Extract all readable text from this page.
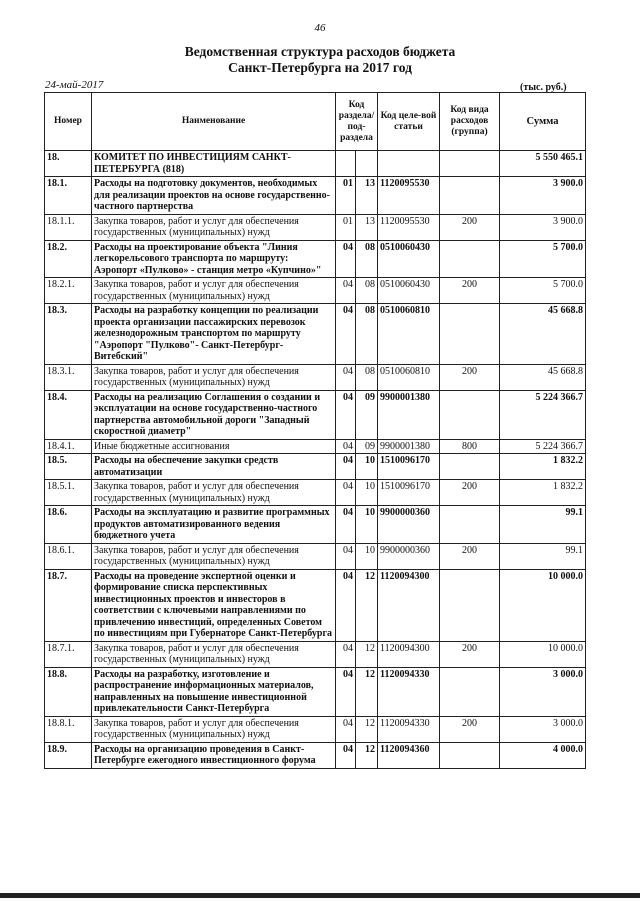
46
Ведомственная структура расходов бюджета
Санкт-Петербурга на 2017 год
24-май-2017	(тыс. руб.)
Номер	Наименование	Код раздела/ под-раздела		Код целе-вой статьи	Код вида расходов (группа)	Сумма
18.	КОМИТЕТ ПО ИНВЕСТИЦИЯМ САНКТ-ПЕТЕРБУРГА (818)					5 550 465.1
18.1.	Расходы на подготовку документов, необходимых для реализации проектов на основе государственно-частного партнерства	01	13	1120095530		3 900.0
18.1.1.	Закупка товаров, работ и услуг для обеспечения государственных (муниципальных) нужд	01	13	1120095530	200	3 900.0
18.2.	Расходы на проектирование объекта "Линия легкорельсового транспорта по маршруту: Аэропорт «Пулково» - станция метро «Купчино»"	04	08	0510060430		5 700.0
18.2.1.	Закупка товаров, работ и услуг для обеспечения государственных (муниципальных) нужд	04	08	0510060430	200	5 700.0
18.3.	Расходы на разработку концепции по реализации проекта организации пассажирских перевозок железнодорожным транспортом по маршруту "Аэропорт "Пулково"- Санкт-Петербург-Витебский"	04	08	0510060810		45 668.8
18.3.1.	Закупка товаров, работ и услуг для обеспечения государственных (муниципальных) нужд	04	08	0510060810	200	45 668.8
18.4.	Расходы на реализацию Соглашения о создании и эксплуатации на основе государственно-частного партнерства автомобильной дороги "Западный скоростной диаметр"	04	09	9900001380		5 224 366.7
18.4.1.	Иные бюджетные ассигнования	04	09	9900001380	800	5 224 366.7
18.5.	Расходы на обеспечение закупки средств автоматизации	04	10	1510096170		1 832.2
18.5.1.	Закупка товаров, работ и услуг для обеспечения государственных (муниципальных) нужд	04	10	1510096170	200	1 832.2
18.6.	Расходы на эксплуатацию и развитие программных продуктов автоматизированного ведения бюджетного учета	04	10	9900000360		99.1
18.6.1.	Закупка товаров, работ и услуг для обеспечения государственных (муниципальных) нужд	04	10	9900000360	200	99.1
18.7.	Расходы на проведение экспертной оценки и формирование списка перспективных инвестиционных проектов и инвесторов в соответствии с ключевыми направлениями по привлечению инвестиций, определенных Советом по инвестициям при Губернаторе Санкт-Петербурга	04	12	1120094300		10 000.0
18.7.1.	Закупка товаров, работ и услуг для обеспечения государственных (муниципальных) нужд	04	12	1120094300	200	10 000.0
18.8.	Расходы на разработку, изготовление и распространение информационных материалов, направленных на повышение инвестиционной привлекательности Санкт-Петербурга	04	12	1120094330		3 000.0
18.8.1.	Закупка товаров, работ и услуг для обеспечения государственных (муниципальных) нужд	04	12	1120094330	200	3 000.0
18.9.	Расходы на организацию проведения в Санкт-Петербурге ежегодного инвестиционного форума	04	12	1120094360		4 000.0
